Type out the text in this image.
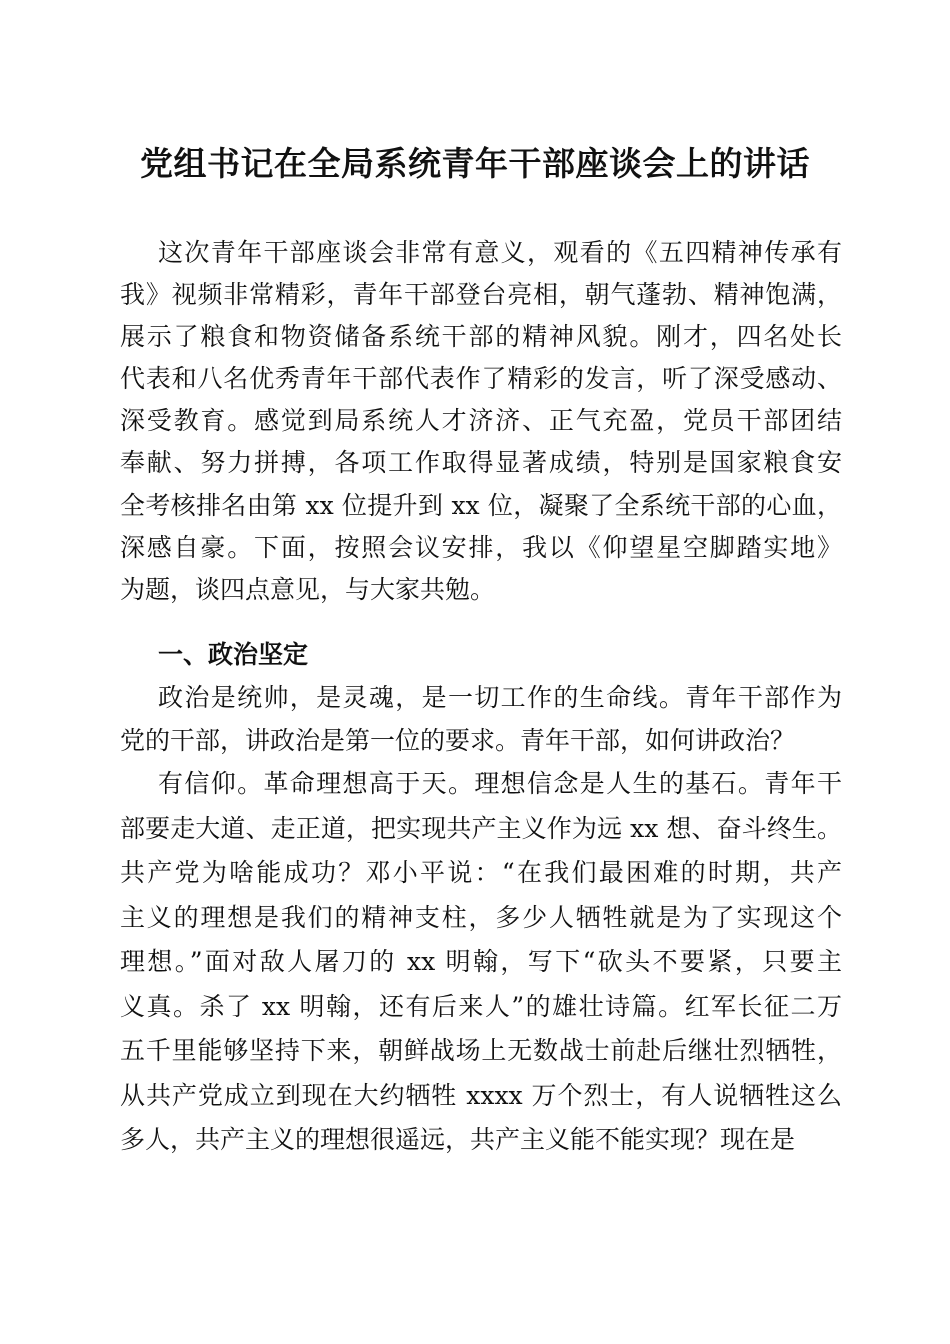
党组书记在全局系统青年干部座谈会上的讲话
这次青年干部座谈会非常有意义，观看的《五四精神传承有
我》视频非常精彩，青年干部登台亮相，朝气蓬勃、精神饱满，
展示了粮食和物资储备系统干部的精神风貌。刚才，四名处长
代表和八名优秀青年干部代表作了精彩的发言，听了深受感动、
深受教育。感觉到局系统人才济济、正气充盈，党员干部团结
奉献、努力拼搏，各项工作取得显著成绩，特别是国家粮食安
全考核排名由第 xx 位提升到 xx 位，凝聚了全系统干部的心血，
深感自豪。下面，按照会议安排，我以《仰望星空脚踏实地》
为题，谈四点意见，与大家共勉。
一、政治坚定
政治是统帅，是灵魂，是一切工作的生命线。青年干部作为
党的干部，讲政治是第一位的要求。青年干部，如何讲政治？
有信仰。革命理想高于天。理想信念是人生的基石。青年干
部要走大道、走正道，把实现共产主义作为远 xx 想、奋斗终生。
共产党为啥能成功？邓小平说：“在我们最困难的时期，共产
主义的理想是我们的精神支柱，多少人牺牲就是为了实现这个
理想。”面对敌人屠刀的 xx 明翰，写下“砍头不要紧，只要主
义真。杀了 xx 明翰，还有后来人”的雄壮诗篇。红军长征二万
五千里能够坚持下来，朝鲜战场上无数战士前赴后继壮烈牺牲，
从共产党成立到现在大约牺牲 xxxx 万个烈士，有人说牺牲这么
多人，共产主义的理想很遥远，共产主义能不能实现？现在是
